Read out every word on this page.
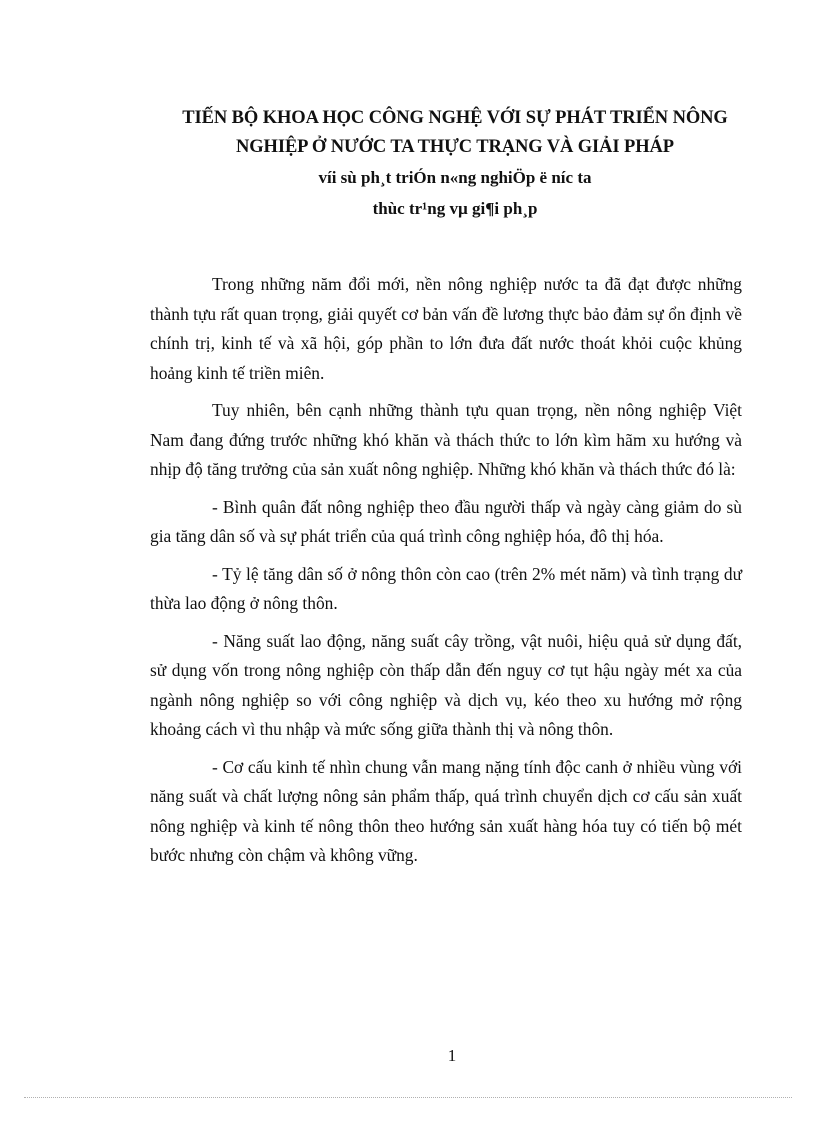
TIẾN BỘ KHOA HỌC CÔNG NGHỆ VỚI SỰ PHÁT TRIỂN NÔNG
NGHIỆP Ở NƯỚC TA THỰC TRẠNG VÀ GIẢI PHÁP
víi sù ph¸t triÓn n«ng nghiÖp ë níc ta
thùc tr¹ng vµ gi¶i ph¸p

Trong những năm đổi mới, nền nông nghiệp nước ta đã đạt được những thành tựu rất quan trọng, giải quyết cơ bản vấn đề lương thực bảo đảm sự ổn định về chính trị, kinh tế và xã hội, góp phần to lớn đưa đất nước thoát khỏi cuộc khủng hoảng kinh tế triền miên.

Tuy nhiên, bên cạnh những thành tựu quan trọng, nền nông nghiệp Việt Nam đang đứng trước những khó khăn và thách thức to lớn kìm hãm xu hướng và nhịp độ tăng trưởng của sản xuất nông nghiệp. Những khó khăn và thách thức đó là:

- Bình quân đất nông nghiệp theo đầu người thấp và ngày càng giảm do sù gia tăng dân số và sự phát triển của quá trình công nghiệp hóa, đô thị hóa.

- Tỷ lệ tăng dân số ở nông thôn còn cao (trên 2% mét năm) và tình trạng dư thừa lao động ở nông thôn.

- Năng suất lao động, năng suất cây trồng, vật nuôi, hiệu quả sử dụng đất, sử dụng vốn trong nông nghiệp còn thấp dẫn đến nguy cơ tụt hậu ngày mét xa của ngành nông nghiệp so với công nghiệp và dịch vụ, kéo theo xu hướng mở rộng khoảng cách vì thu nhập và mức sống giữa thành thị và nông thôn.

- Cơ cấu kinh tế nhìn chung vẫn mang nặng tính độc canh ở nhiều vùng với năng suất và chất lượng nông sản phẩm thấp, quá trình chuyển dịch cơ cấu sản xuất nông nghiệp và kinh tế nông thôn theo hướng sản xuất hàng hóa tuy có tiến bộ mét bước nhưng còn chậm và không vững.

1
